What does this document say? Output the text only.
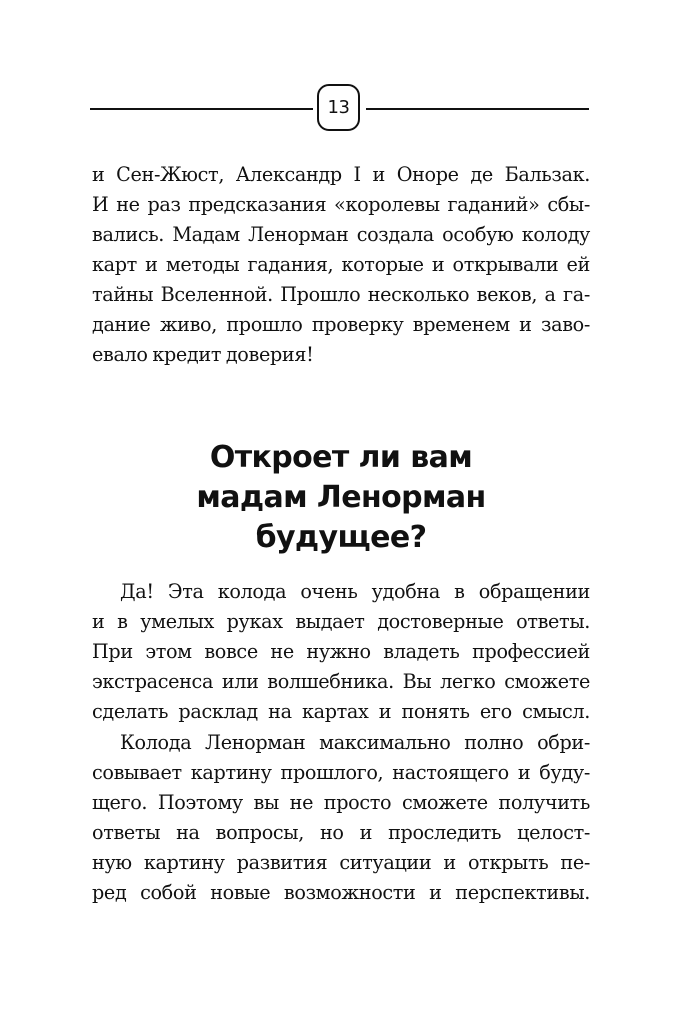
13
и Сен-Жюст, Александр I и Оноре де Бальзак.
И не раз предсказания «королевы гаданий» сбы-
вались. Мадам Ленорман создала особую колоду
карт и методы гадания, которые и открывали ей
тайны Вселенной. Прошло несколько веков, а га-
дание живо, прошло проверку временем и заво-
евало кредит доверия!
Откроет ли вам
мадам Ленорман
будущее?
Да! Эта колода очень удобна в обращении
и в умелых руках выдает достоверные ответы.
При этом вовсе не нужно владеть профессией
экстрасенса или волшебника. Вы легко сможете
сделать расклад на картах и понять его смысл.
Колода Ленорман максимально полно обри-
совывает картину прошлого, настоящего и буду-
щего. Поэтому вы не просто сможете получить
ответы на вопросы, но и проследить целост-
ную картину развития ситуации и открыть пе-
ред собой новые возможности и перспективы.
